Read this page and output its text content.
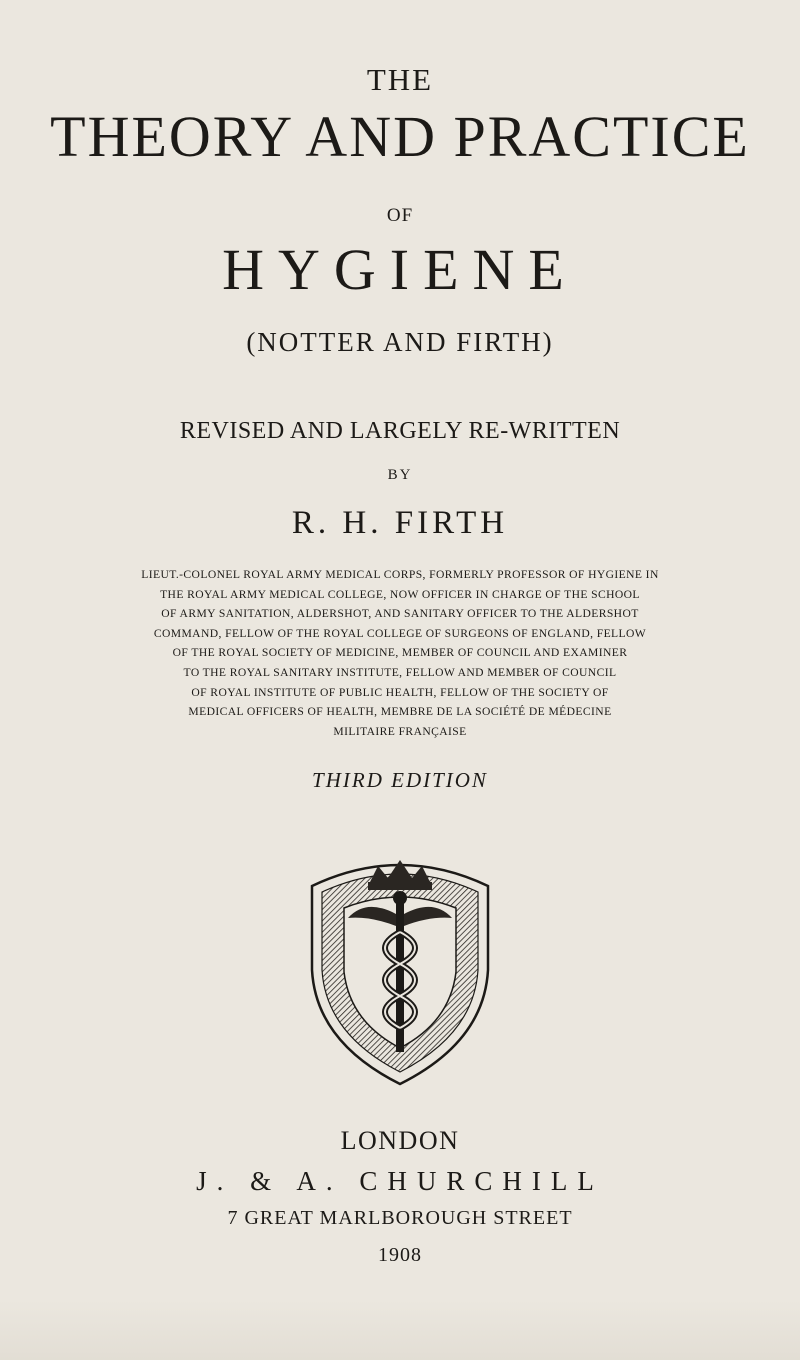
THE
THEORY AND PRACTICE
OF
HYGIENE
(NOTTER AND FIRTH)
REVISED AND LARGELY RE-WRITTEN
BY
R. H. FIRTH
LIEUT.-COLONEL ROYAL ARMY MEDICAL CORPS, FORMERLY PROFESSOR OF HYGIENE IN
THE ROYAL ARMY MEDICAL COLLEGE, NOW OFFICER IN CHARGE OF THE SCHOOL
OF ARMY SANITATION, ALDERSHOT, AND SANITARY OFFICER TO THE ALDERSHOT
COMMAND, FELLOW OF THE ROYAL COLLEGE OF SURGEONS OF ENGLAND, FELLOW
OF THE ROYAL SOCIETY OF MEDICINE, MEMBER OF COUNCIL AND EXAMINER
TO THE ROYAL SANITARY INSTITUTE, FELLOW AND MEMBER OF COUNCIL
OF ROYAL INSTITUTE OF PUBLIC HEALTH, FELLOW OF THE SOCIETY OF
MEDICAL OFFICERS OF HEALTH, MEMBRE DE LA SOCIÉTÉ DE MÉDECINE
MILITAIRE FRANÇAISE
THIRD EDITION
LONDON
J. & A. CHURCHILL
7 GREAT MARLBOROUGH STREET
1908
